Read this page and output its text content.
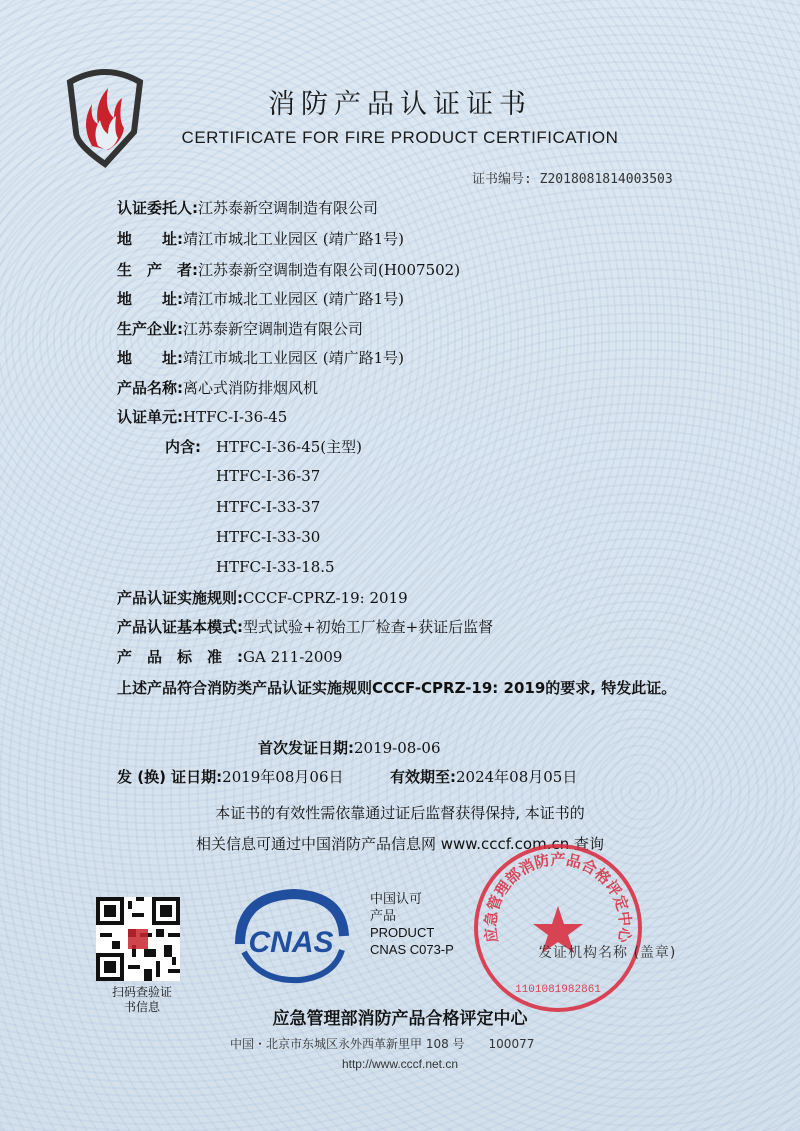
消防产品认证证书
CERTIFICATE FOR FIRE PRODUCT CERTIFICATION
证书编号: Z2018081814003503
认证委托人:江苏泰新空调制造有限公司
地　　址:靖江市城北工业园区 (靖广路1号)
生　产　者:江苏泰新空调制造有限公司(H007502)
地　　址:靖江市城北工业园区 (靖广路1号)
生产企业:江苏泰新空调制造有限公司
地　　址:靖江市城北工业园区 (靖广路1号)
产品名称:离心式消防排烟风机
认证单元:HTFC-Ⅰ-36-45
内含: HTFC-Ⅰ-36-45(主型)
HTFC-Ⅰ-36-37
HTFC-Ⅰ-33-37
HTFC-Ⅰ-33-30
HTFC-Ⅰ-33-18.5
产品认证实施规则:CCCF-CPRZ-19: 2019
产品认证基本模式:型式试验+初始工厂检查+获证后监督
产　品　标　准　:GA 211-2009
上述产品符合消防类产品认证实施规则CCCF-CPRZ-19: 2019的要求, 特发此证。
首次发证日期:2019-08-06
发 (换) 证日期:2019年08月06日	有效期至:2024年08月05日
本证书的有效性需依靠通过证后监督获得保持, 本证书的
相关信息可通过中国消防产品信息网 www.cccf.com.cn 查询
扫码查验证书信息
CNAS
中国认可
产品
PRODUCT
CNAS C073-P
应急管理部消防产品合格评定中心
1101081982861
发证机构名称 (盖章)
应急管理部消防产品合格评定中心
中国・北京市东城区永外西革新里甲 108 号　　100077
http://www.cccf.net.cn
